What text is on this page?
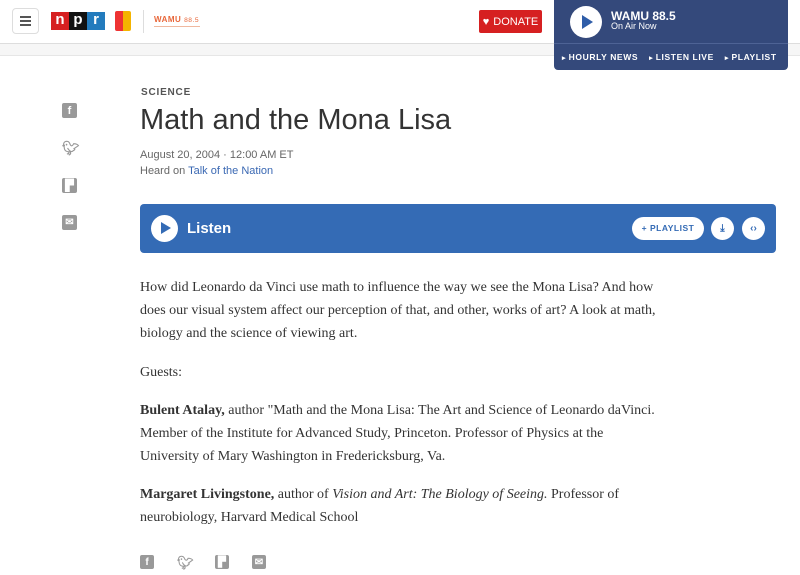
n p r	WAMU 88.5	♥ DONATE	WAMU 88.5
On Air Now
▸ HOURLY NEWS	▸ LISTEN LIVE	▸ PLAYLIST
f
🐦︎
▛
✉
SCIENCE
Math and the Mona Lisa
August 20, 2004 · 12:00 AM ET
Heard on Talk of the Nation
Listen	+ PLAYLIST	⤓	‹›

How did Leonardo da Vinci use math to influence the way we see the Mona Lisa? And how does our visual system affect our perception of that, and other, works of art? A look at math, biology and the science of viewing art.

Guests:

Bulent Atalay, author "Math and the Mona Lisa: The Art and Science of Leonardo daVinci. Member of the Institute for Advanced Study, Princeton. Professor of Physics at the University of Mary Washington in Fredericksburg, Va.

Margaret Livingstone, author of Vision and Art: The Biology of Seeing. Professor of neurobiology, Harvard Medical School

f	🐦︎	▛	✉
